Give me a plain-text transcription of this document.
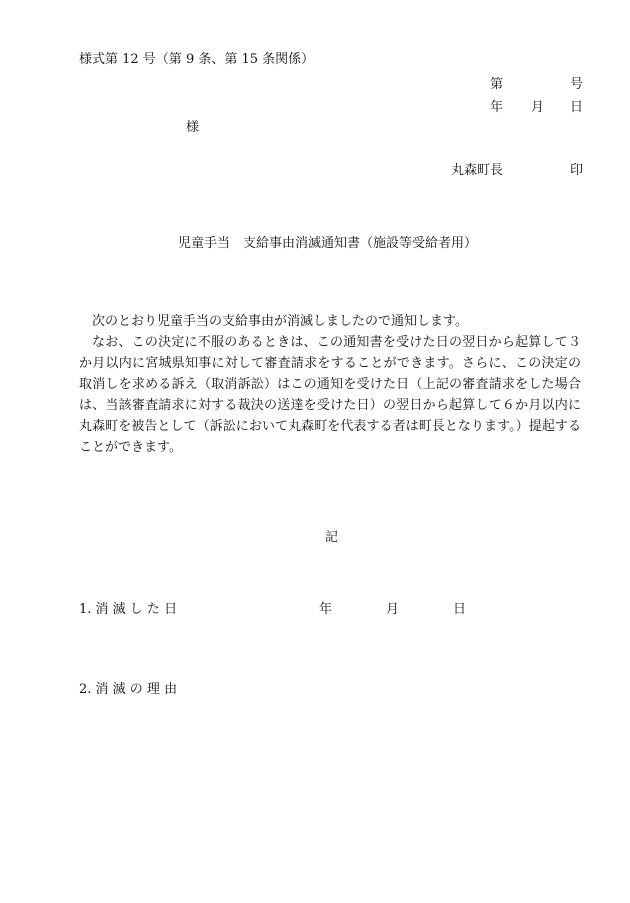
様式第 12 号（第 9 条、第 15 条関係）
第	号
年 月 日
様
丸森町長	印
児童手当　支給事由消滅通知書（施設等受給者用）
次のとおり児童手当の支給事由が消滅しましたので通知します。
なお、この決定に不服のあるときは、この通知書を受けた日の翌日から起算して３か月以内に宮城県知事に対して審査請求をすることができます。さらに、この決定の取消しを求める訴え（取消訴訟）はこの通知を受けた日（上記の審査請求をした場合は、当該審査請求に対する裁決の送達を受けた日）の翌日から起算して６か月以内に丸森町を被告として（訴訟において丸森町を代表する者は町長となります。）提起することができます。
記
1. 消 滅 し た 日	年	月	日
2. 消 滅 の 理 由
